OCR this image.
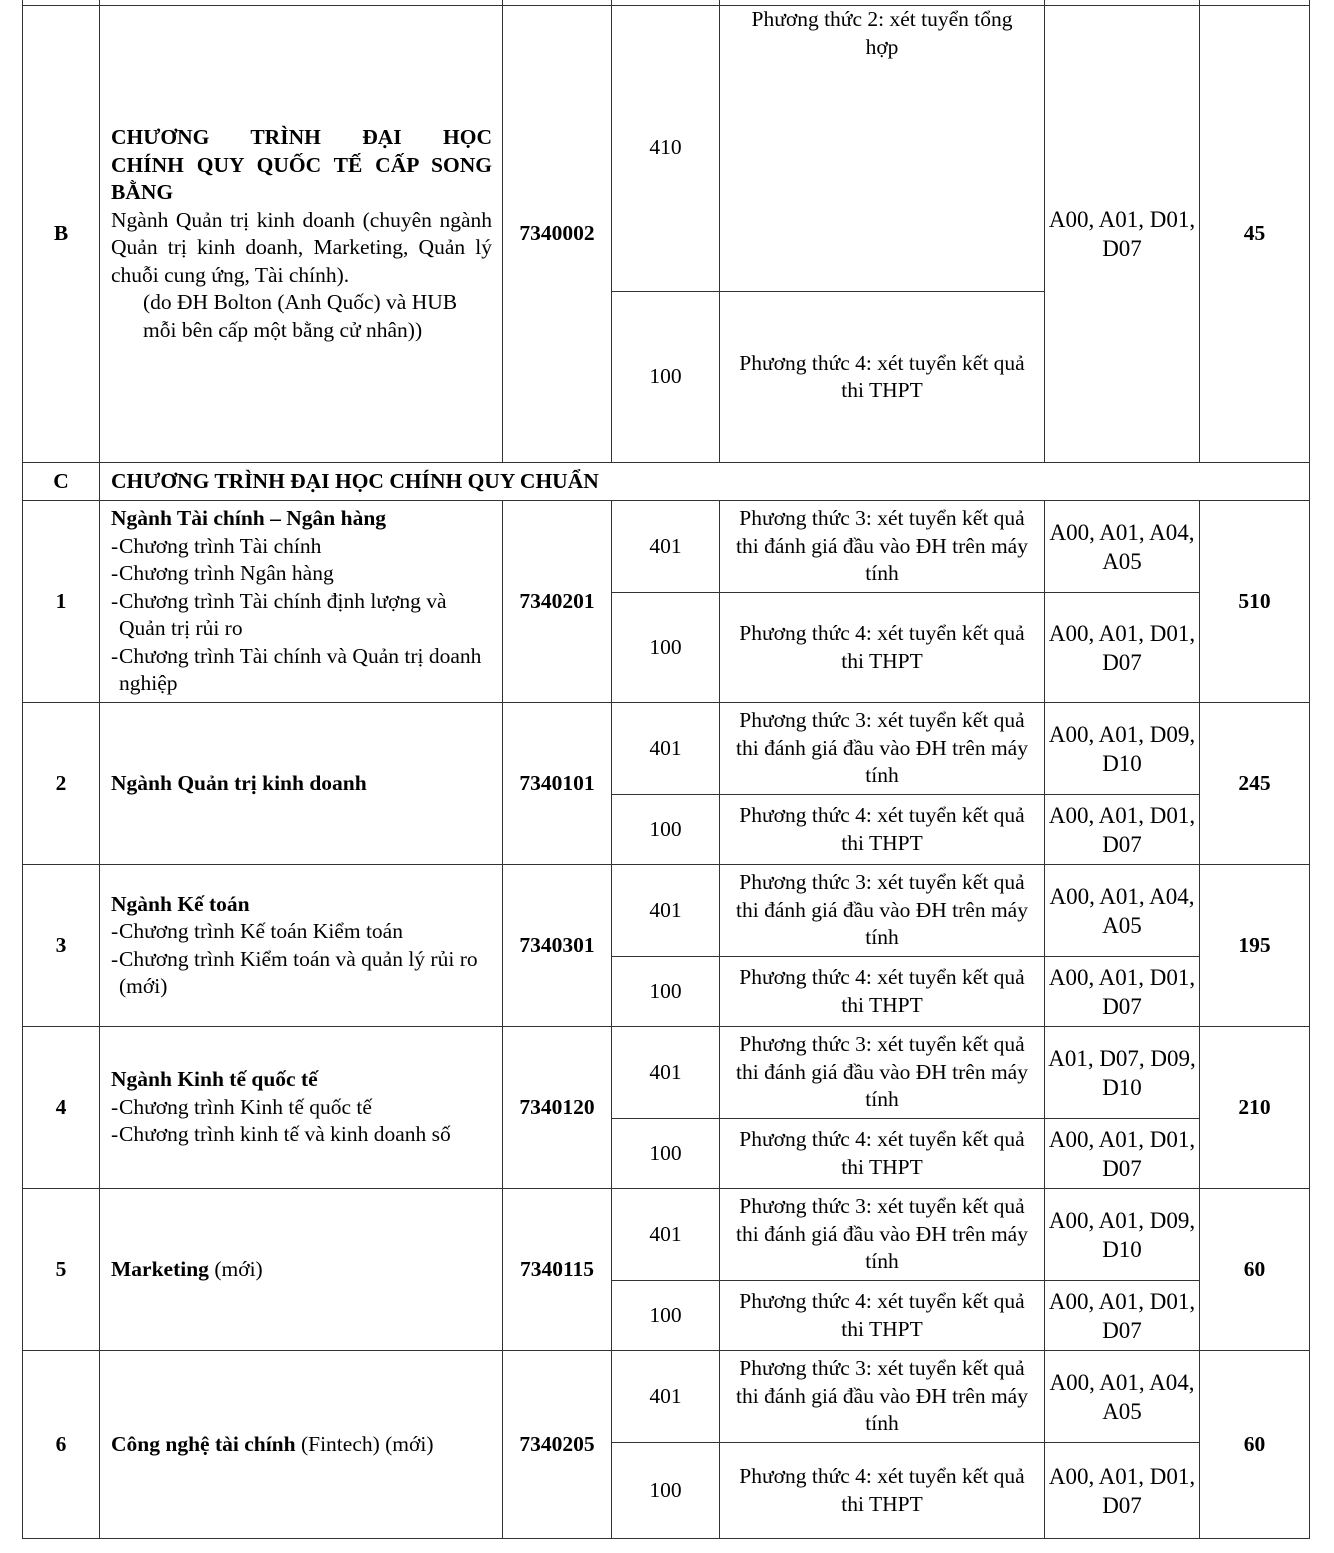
B	CHƯƠNG TRÌNH ĐẠI HỌC
CHÍNH QUY QUỐC TẾ CẤP SONG BẰNG

Ngành Quản trị kinh doanh (chuyên ngành Quản trị kinh doanh, Marketing, Quản lý chuỗi cung ứng, Tài chính).

(do ĐH Bolton (Anh Quốc) và HUB mỗi bên cấp một bằng cử nhân))	7340002	410	Phương thức 2: xét tuyển tổng hợp	A00, A01, D01, D07	45
			100	Phương thức 4: xét tuyển kết quả thi THPT		
C	CHƯƠNG TRÌNH ĐẠI HỌC CHÍNH QUY CHUẨN					
1	Ngành Tài chính – Ngân hàng

-Chương trình Tài chính

-Chương trình Ngân hàng

-Chương trình Tài chính định lượng và Quản trị rủi ro

-Chương trình Tài chính và Quản trị doanh nghiệp	7340201	401	Phương thức 3: xét tuyển kết quả thi đánh giá đầu vào ĐH trên máy tính	A00, A01, A04, A05	510
			100	Phương thức 4: xét tuyển kết quả thi THPT	A00, A01, D01, D07	
2	Ngành Quản trị kinh doanh	7340101	401	Phương thức 3: xét tuyển kết quả thi đánh giá đầu vào ĐH trên máy tính	A00, A01, D09, D10	245
			100	Phương thức 4: xét tuyển kết quả thi THPT	A00, A01, D01, D07	
3	Ngành Kế toán

-Chương trình Kế toán Kiểm toán

-Chương trình Kiểm toán và quản lý rủi ro (mới)	7340301	401	Phương thức 3: xét tuyển kết quả thi đánh giá đầu vào ĐH trên máy tính	A00, A01, A04, A05	195
			100	Phương thức 4: xét tuyển kết quả thi THPT	A00, A01, D01, D07	
4	Ngành Kinh tế quốc tế

-Chương trình Kinh tế quốc tế

-Chương trình kinh tế và kinh doanh số	7340120	401	Phương thức 3: xét tuyển kết quả thi đánh giá đầu vào ĐH trên máy tính	A01, D07, D09, D10	210
			100	Phương thức 4: xét tuyển kết quả thi THPT	A00, A01, D01, D07	
5	Marketing (mới)	7340115	401	Phương thức 3: xét tuyển kết quả thi đánh giá đầu vào ĐH trên máy tính	A00, A01, D09, D10	60
			100	Phương thức 4: xét tuyển kết quả thi THPT	A00, A01, D01, D07	
6	Công nghệ tài chính (Fintech) (mới)	7340205	401	Phương thức 3: xét tuyển kết quả thi đánh giá đầu vào ĐH trên máy tính	A00, A01, A04, A05	60
			100	Phương thức 4: xét tuyển kết quả thi THPT	A00, A01, D01, D07	
